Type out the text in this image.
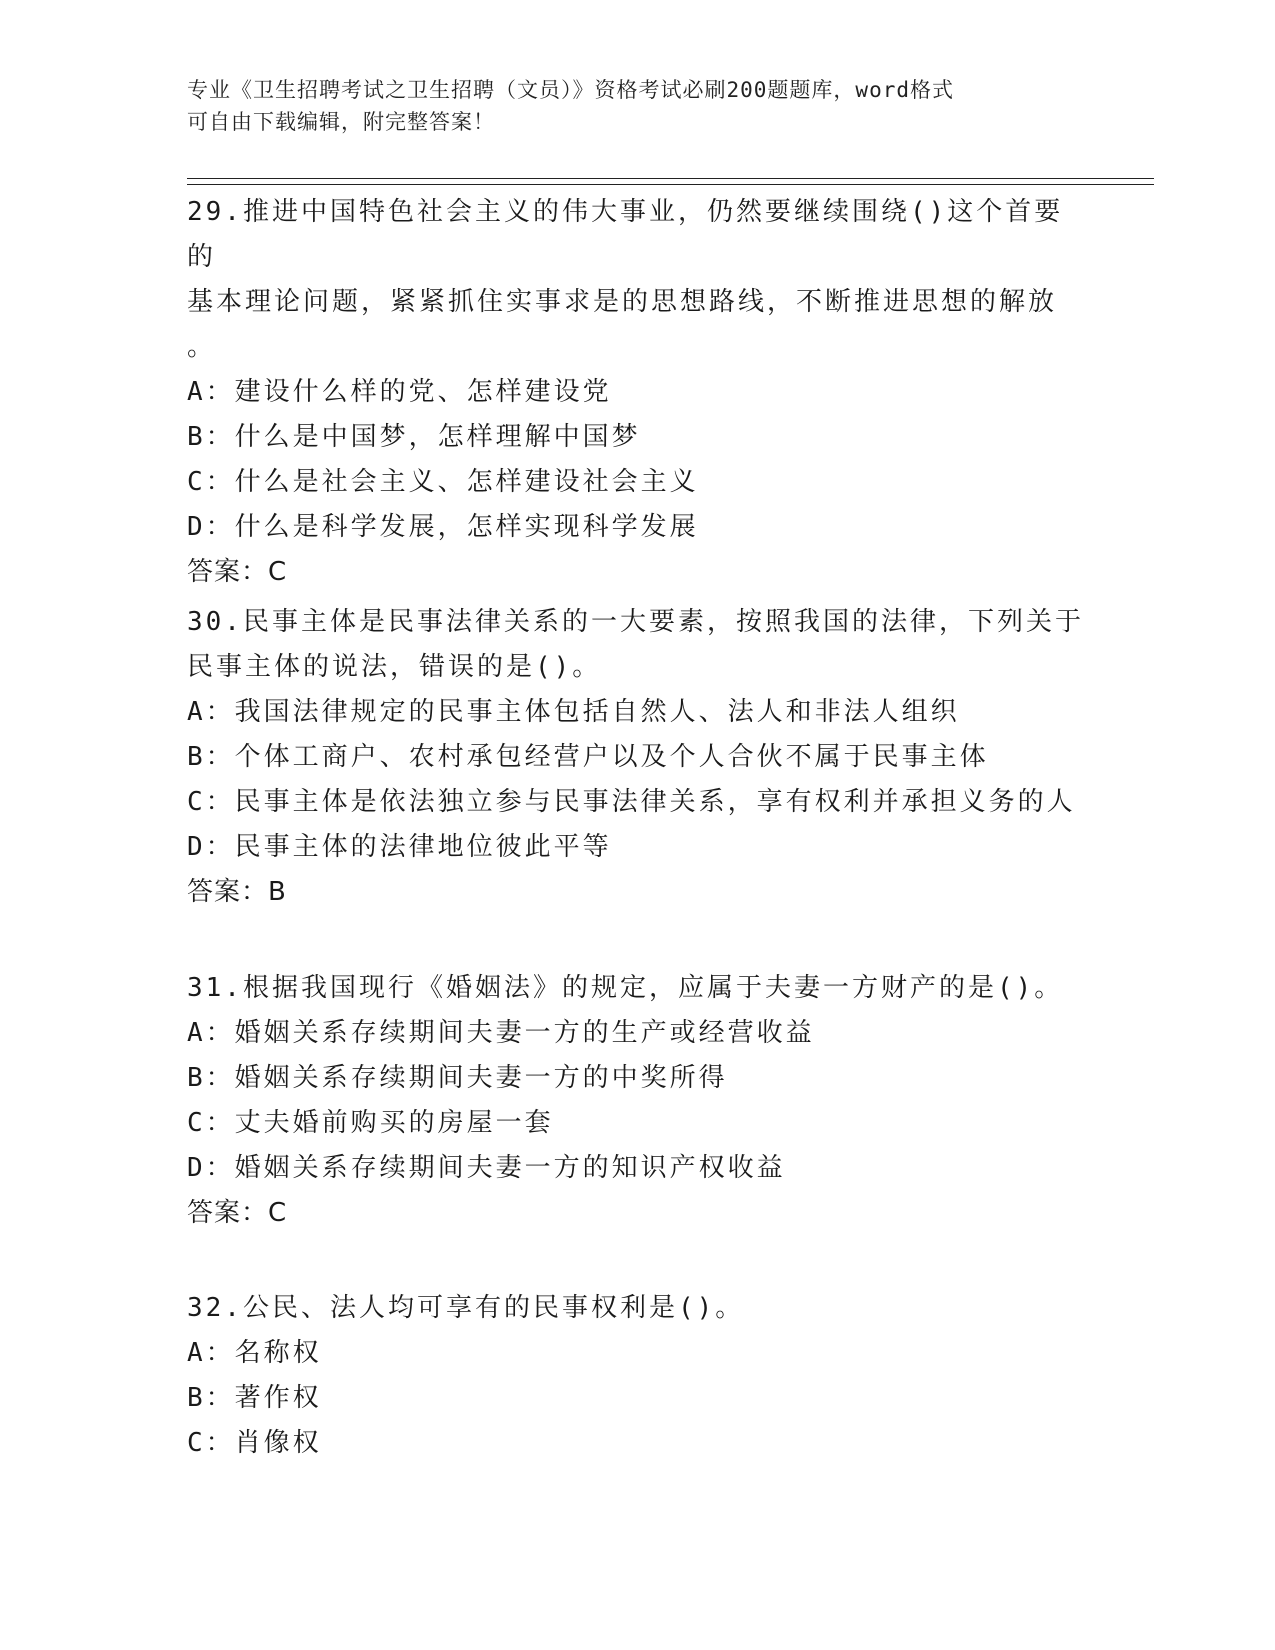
专业《卫生招聘考试之卫生招聘（文员）》资格考试必刷200题题库，word格式
可自由下载编辑，附完整答案！
29.推进中国特色社会主义的伟大事业，仍然要继续围绕()这个首要的
基本理论问题，紧紧抓住实事求是的思想路线，不断推进思想的解放
。
A：建设什么样的党、怎样建设党
B：什么是中国梦，怎样理解中国梦
C：什么是社会主义、怎样建设社会主义
D：什么是科学发展，怎样实现科学发展
答案：C
30.民事主体是民事法律关系的一大要素，按照我国的法律，下列关于
民事主体的说法，错误的是()。
A：我国法律规定的民事主体包括自然人、法人和非法人组织
B：个体工商户、农村承包经营户以及个人合伙不属于民事主体
C：民事主体是依法独立参与民事法律关系，享有权利并承担义务的人
D：民事主体的法律地位彼此平等
答案：B
31.根据我国现行《婚姻法》的规定，应属于夫妻一方财产的是()。
A：婚姻关系存续期间夫妻一方的生产或经营收益
B：婚姻关系存续期间夫妻一方的中奖所得
C：丈夫婚前购买的房屋一套
D：婚姻关系存续期间夫妻一方的知识产权收益
答案：C
32.公民、法人均可享有的民事权利是()。
A：名称权
B：著作权
C：肖像权
